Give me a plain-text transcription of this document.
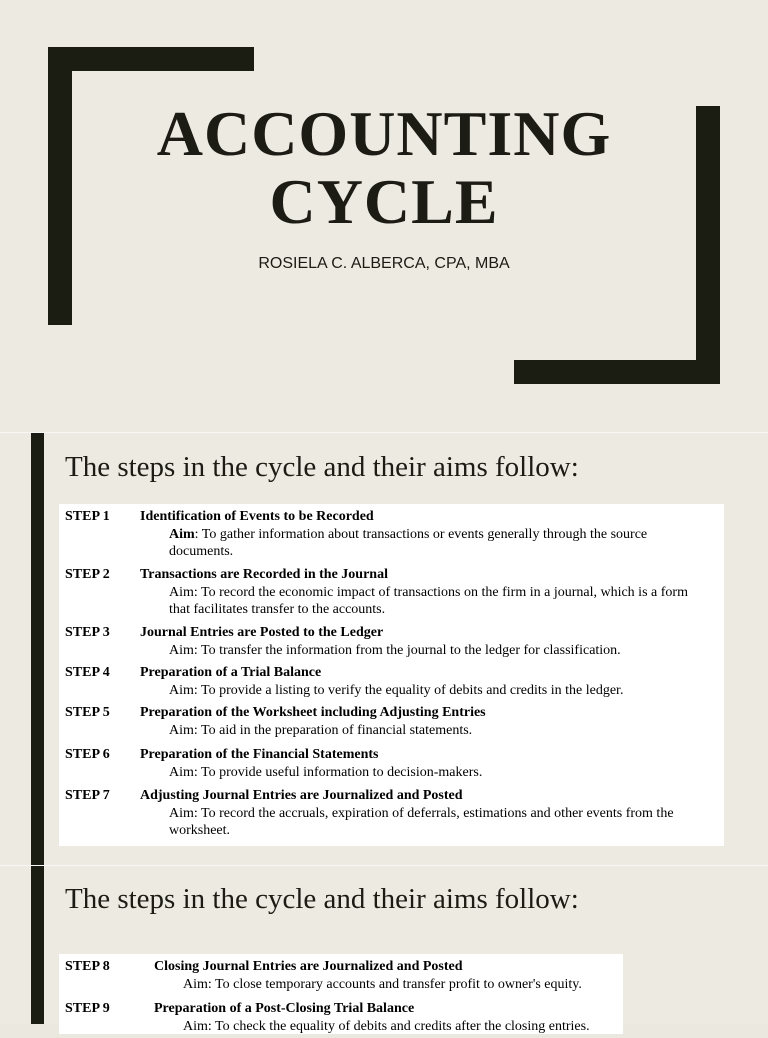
ACCOUNTING
CYCLE
ROSIELA C. ALBERCA, CPA, MBA
The steps in the cycle and their aims follow:
STEP 1 Identification of Events to be Recorded
Aim: To gather information about transactions or events generally through the source documents.
STEP 2 Transactions are Recorded in the Journal
Aim: To record the economic impact of transactions on the firm in a journal, which is a form that facilitates transfer to the accounts.
STEP 3 Journal Entries are Posted to the Ledger
Aim: To transfer the information from the journal to the ledger for classification.
STEP 4 Preparation of a Trial Balance
Aim: To provide a listing to verify the equality of debits and credits in the ledger.
STEP 5 Preparation of the Worksheet including Adjusting Entries
Aim: To aid in the preparation of financial statements.
STEP 6 Preparation of the Financial Statements
Aim: To provide useful information to decision-makers.
STEP 7 Adjusting Journal Entries are Journalized and Posted
Aim: To record the accruals, expiration of deferrals, estimations and other events from the worksheet.
The steps in the cycle and their aims follow:
STEP 8	Closing Journal Entries are Journalized and Posted
Aim: To close temporary accounts and transfer profit to owner's equity.
STEP 9	Preparation of a Post-Closing Trial Balance
Aim: To check the equality of debits and credits after the closing entries.
